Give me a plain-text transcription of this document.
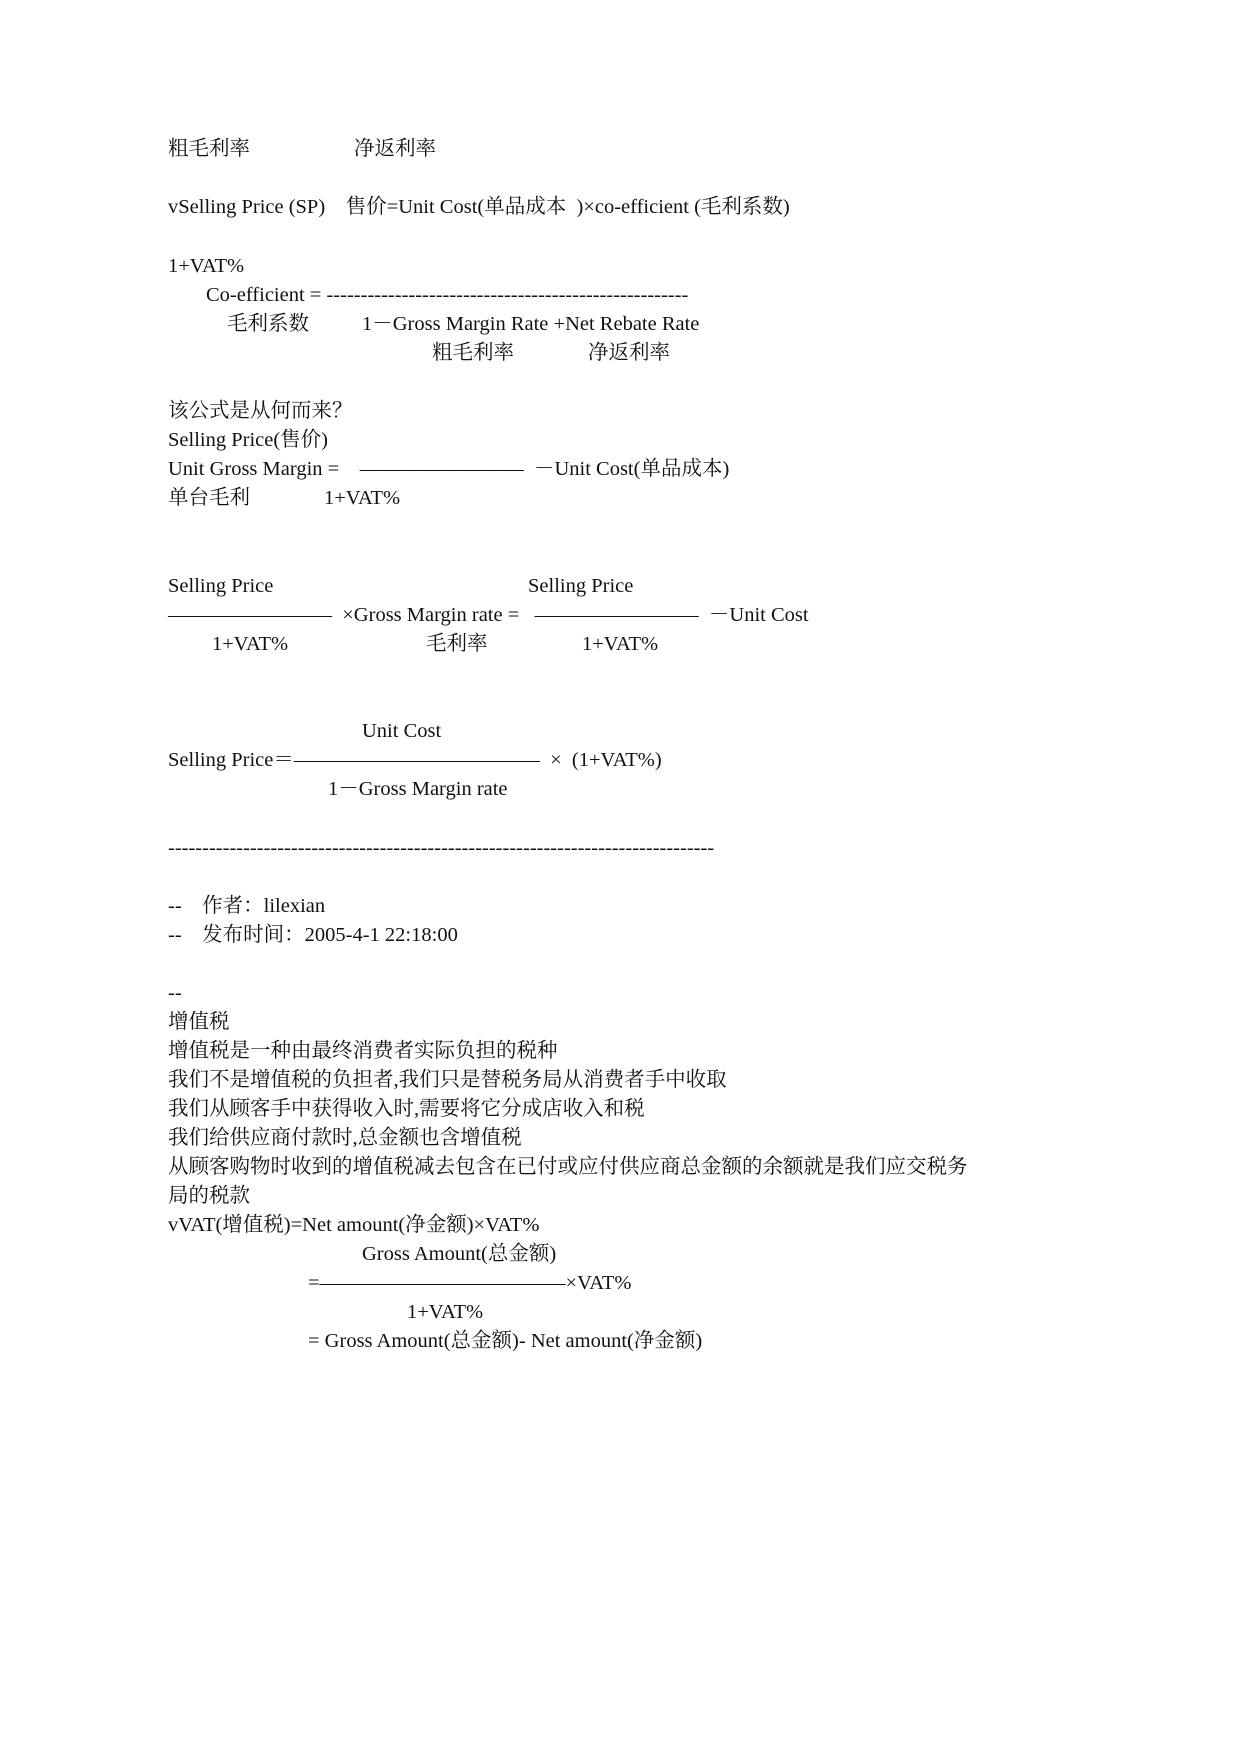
粗毛利率	净返利率
vSelling Price (SP)    售价=Unit Cost(单品成本  )×co-efficient (毛利系数)
1+VAT%
Co-efficient = -----------------------------------------------------
毛利系数	1－Gross Margin Rate +Net Rebate Rate
粗毛利率	净返利率
该公式是从何而来？
Selling Price(售价)
Unit Gross Margin =    ————————  －Unit Cost(单品成本)
单台毛利	1+VAT%
Selling Price	Selling Price
————————  ×Gross Margin rate =   ————————  －Unit Cost
1+VAT%	毛利率	1+VAT%
Unit Cost
Selling Price＝————————————  ×  (1+VAT%)
1－Gross Margin rate
--------------------------------------------------------------------------------
--    作者：lilexian
--    发布时间：2005-4-1 22:18:00
--
增值税
增值税是一种由最终消费者实际负担的税种
我们不是增值税的负担者,我们只是替税务局从消费者手中收取
我们从顾客手中获得收入时,需要将它分成店收入和税
我们给供应商付款时,总金额也含增值税
从顾客购物时收到的增值税减去包含在已付或应付供应商总金额的余额就是我们应交税务
局的税款
vVAT(增值税)=Net amount(净金额)×VAT%
Gross Amount(总金额)
=————————————×VAT%
1+VAT%
= Gross Amount(总金额)- Net amount(净金额)
